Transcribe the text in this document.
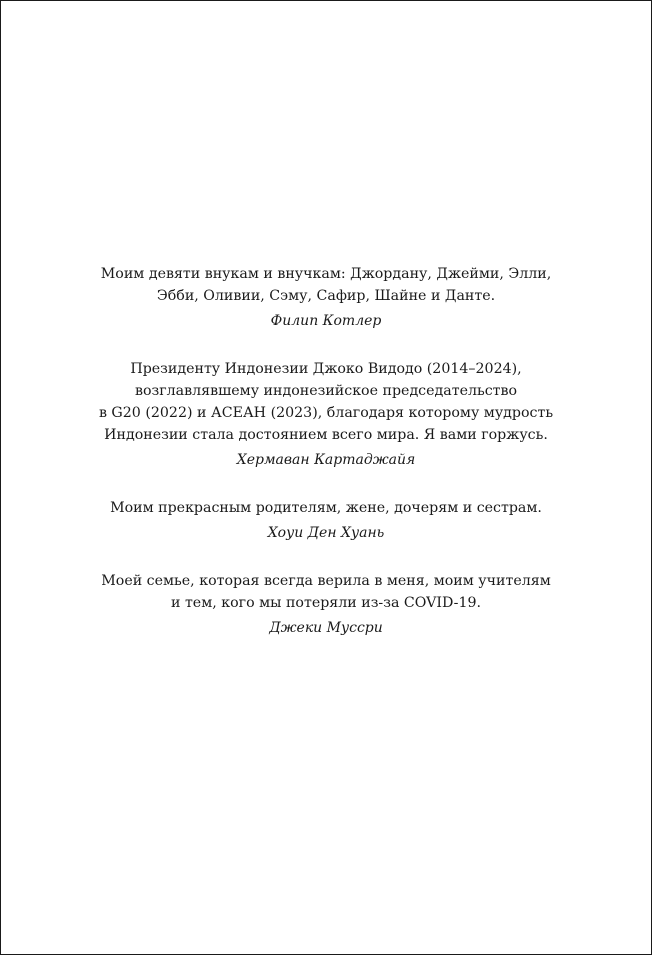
Моим девяти внукам и внучкам: Джордану, Джейми, Элли,
Эбби, Оливии, Сэму, Сафир, Шайне и Данте.
Филип Котлер
Президенту Индонезии Джоко Видодо (2014–2024),
возглавлявшему индонезийское председательство
в G20 (2022) и АСЕАН (2023), благодаря которому мудрость
Индонезии стала достоянием всего мира. Я вами горжусь.
Хермаван Картаджайя
Моим прекрасным родителям, жене, дочерям и сестрам.
Хоуи Ден Хуань
Моей семье, которая всегда верила в меня, моим учителям
и тем, кого мы потеряли из-за COVID-19.
Джеки Муссри
